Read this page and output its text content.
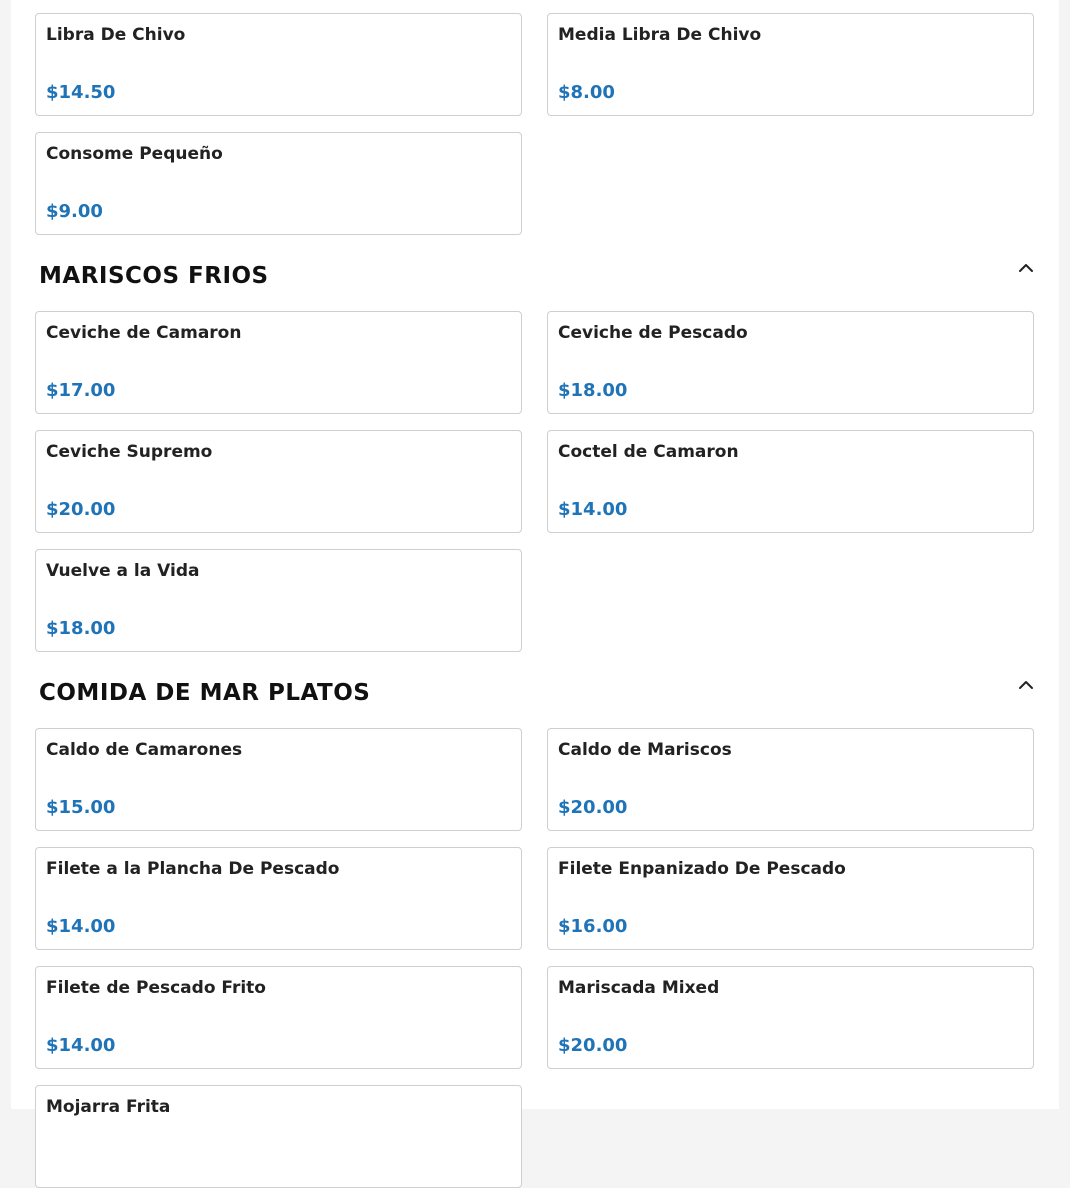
Libra De Chivo
$14.50
Media Libra De Chivo
$8.00
Consome Pequeño
$9.00
MARISCOS FRIOS
Ceviche de Camaron
$17.00
Ceviche de Pescado
$18.00
Ceviche Supremo
$20.00
Coctel de Camaron
$14.00
Vuelve a la Vida
$18.00
COMIDA DE MAR PLATOS
Caldo de Camarones
$15.00
Caldo de Mariscos
$20.00
Filete a la Plancha De Pescado
$14.00
Filete Enpanizado De Pescado
$16.00
Filete de Pescado Frito
$14.00
Mariscada Mixed
$20.00
Mojarra Frita
